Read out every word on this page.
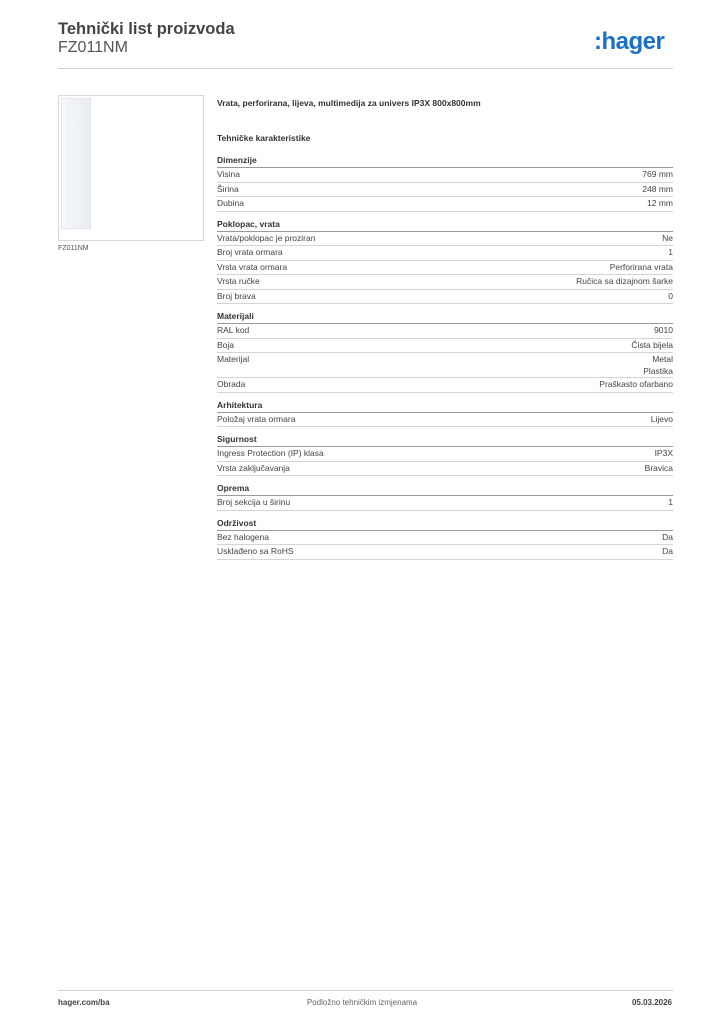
Tehnički list proizvoda
FZ011NM	:hager
FZ011NM
Vrata, perforirana, lijeva, multimedija za univers IP3X 800x800mm
Tehničke karakteristike
Dimenzije
Visina	769 mm
Širina	248 mm
Dubina	12 mm
Poklopac, vrata
Vrata/poklopac je proziran	Ne
Broj vrata ormara	1
Vrsta vrata ormara	Perforirana vrata
Vrsta ručke	Ručica sa dizajnom šarke
Broj brava	0
Materijali
RAL kod	9010
Boja	Čista bijela
Materijal	Metal
Plastika
Obrada	Praškasto ofarbano
Arhitektura
Položaj vrata ormara	Lijevo
Sigurnost
Ingress Protection (IP) klasa	IP3X
Vrsta zaključavanja	Bravica
Oprema
Broj sekcija u širinu	1
Održivost
Bez halogena	Da
Usklađeno sa RoHS	Da
hager.com/ba	Podložno tehničkim izmjenama	05.03.2026
